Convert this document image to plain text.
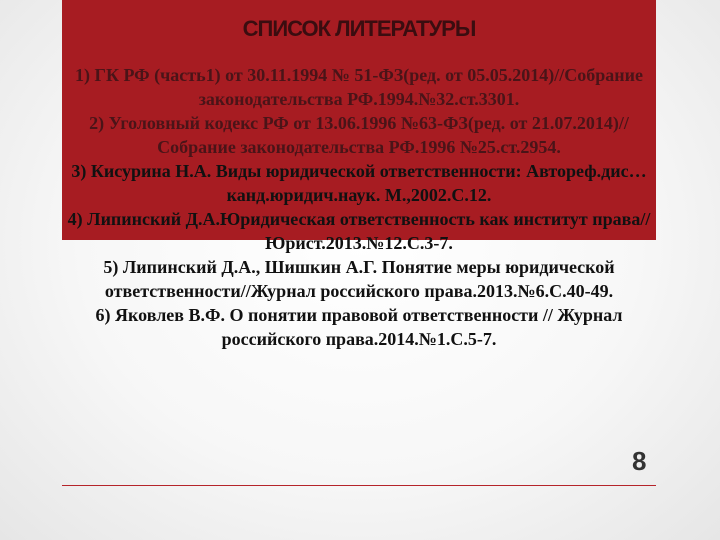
СПИСОК ЛИТЕРАТУРЫ

1) ГК РФ (часть1) от 30.11.1994 № 51-ФЗ(ред. от 05.05.2014)//Собрание законодательства РФ.1994.№32.ст.3301.

2) Уголовный кодекс РФ от 13.06.1996 №63-ФЗ(ред. от 21.07.2014)//Собрание законодательства РФ.1996 №25.ст.2954.

3) Кисурина Н.А. Виды юридической ответственности: Автореф.дис…канд.юридич.наук. М.,2002.С.12.

4) Липинский Д.А.Юридическая ответственность как институт права//Юрист.2013.№12.С.3-7.

5) Липинский Д.А., Шишкин А.Г. Понятие меры юридической ответственности//Журнал российского права.2013.№6.С.40-49.

6) Яковлев В.Ф. О понятии правовой ответственности // Журнал российского права.2014.№1.С.5-7.

8
